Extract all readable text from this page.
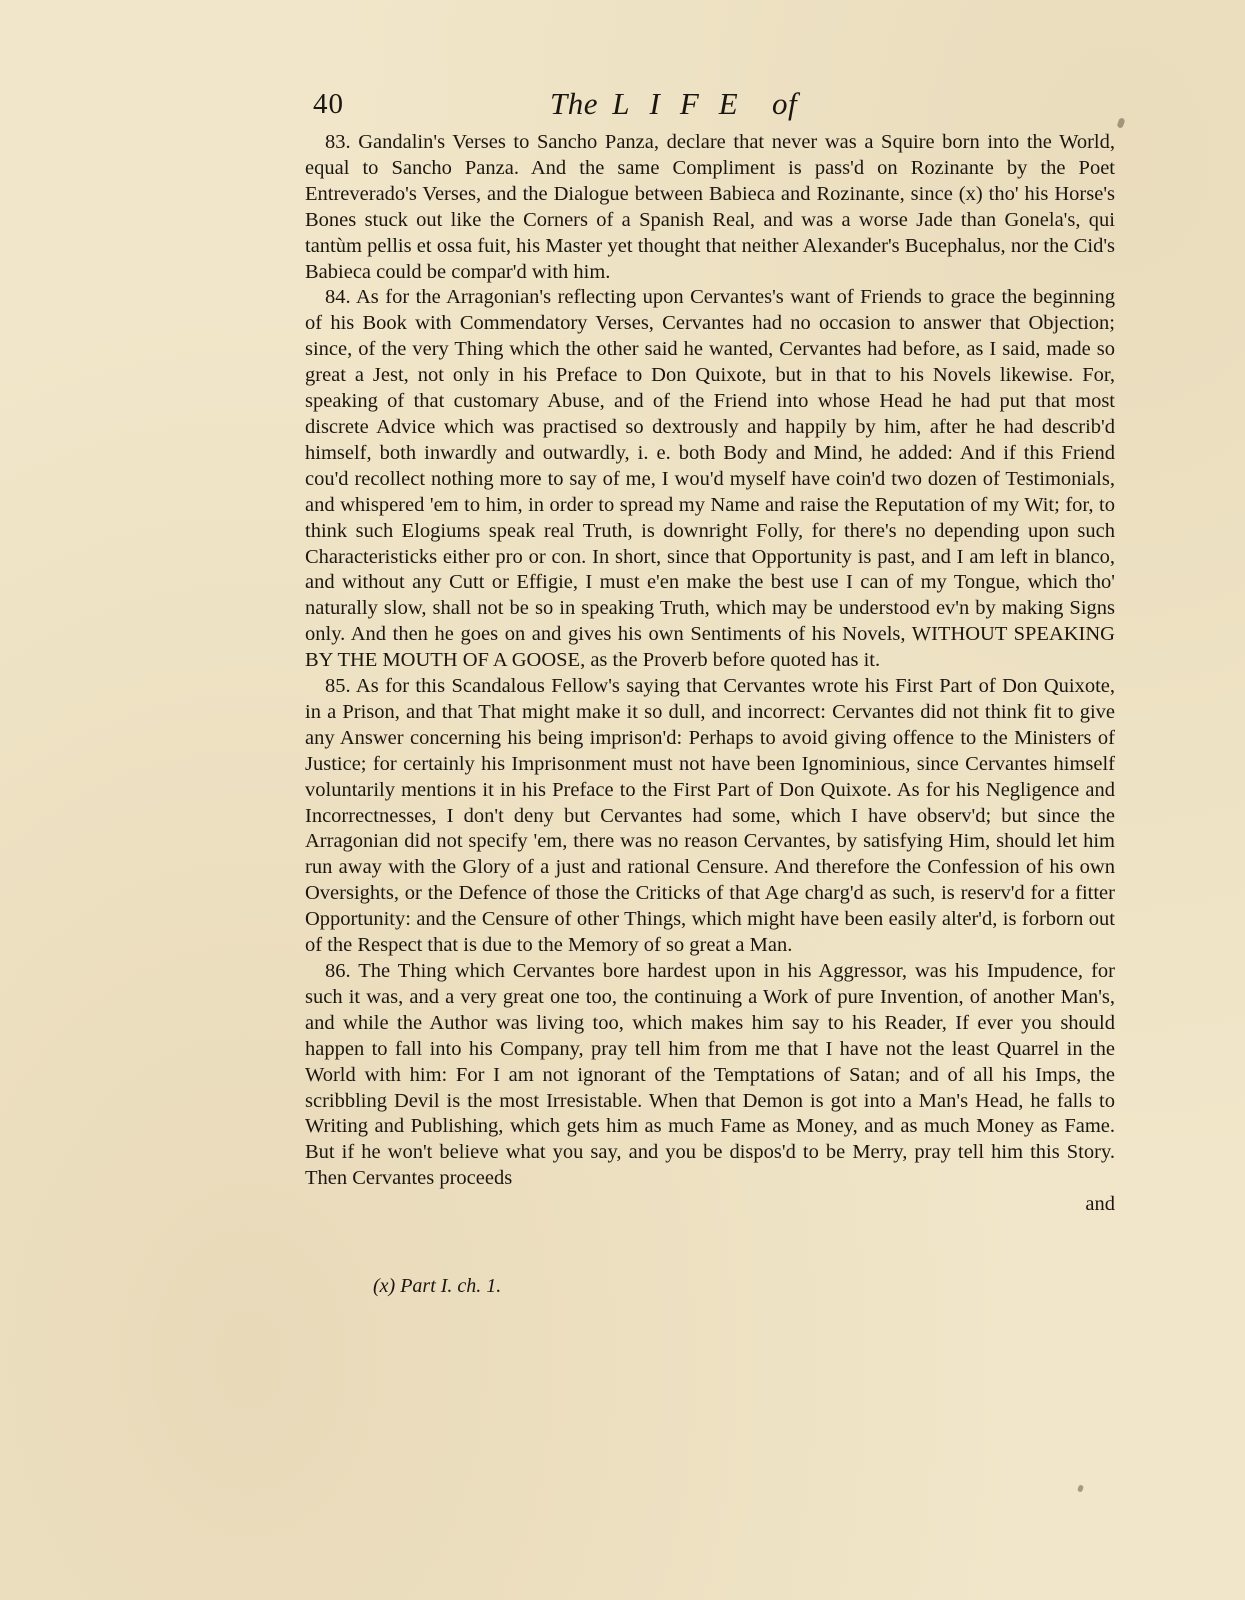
40	The LIFE of

83. Gandalin's Verses to Sancho Panza, declare that never was a Squire born into the World, equal to Sancho Panza. And the same Compliment is pass'd on Rozinante by the Poet Entreverado's Verses, and the Dialogue between Babieca and Rozinante, since (x) tho' his Horse's Bones stuck out like the Corners of a Spanish Real, and was a worse Jade than Gonela's, qui tantùm pellis et ossa fuit, his Master yet thought that neither Alexander's Bucephalus, nor the Cid's Babieca could be compar'd with him.

84. As for the Arragonian's reflecting upon Cervantes's want of Friends to grace the beginning of his Book with Commendatory Verses, Cervantes had no occasion to answer that Objection; since, of the very Thing which the other said he wanted, Cervantes had before, as I said, made so great a Jest, not only in his Preface to Don Quixote, but in that to his Novels likewise. For, speaking of that customary Abuse, and of the Friend into whose Head he had put that most discrete Advice which was practised so dextrously and happily by him, after he had describ'd himself, both inwardly and outwardly, i. e. both Body and Mind, he added: And if this Friend cou'd recollect nothing more to say of me, I wou'd myself have coin'd two dozen of Testimonials, and whispered 'em to him, in order to spread my Name and raise the Reputation of my Wit; for, to think such Elogiums speak real Truth, is downright Folly, for there's no depending upon such Characteristicks either pro or con. In short, since that Opportunity is past, and I am left in blanco, and without any Cutt or Effigie, I must e'en make the best use I can of my Tongue, which tho' naturally slow, shall not be so in speaking Truth, which may be understood ev'n by making Signs only. And then he goes on and gives his own Sentiments of his Novels, WITHOUT SPEAKING BY THE MOUTH OF A GOOSE, as the Proverb before quoted has it.

85. As for this Scandalous Fellow's saying that Cervantes wrote his First Part of Don Quixote, in a Prison, and that That might make it so dull, and incorrect: Cervantes did not think fit to give any Answer concerning his being imprison'd: Perhaps to avoid giving offence to the Ministers of Justice; for certainly his Imprisonment must not have been Ignominious, since Cervantes himself voluntarily mentions it in his Preface to the First Part of Don Quixote. As for his Negligence and Incorrectnesses, I don't deny but Cervantes had some, which I have observ'd; but since the Arragonian did not specify 'em, there was no reason Cervantes, by satisfying Him, should let him run away with the Glory of a just and rational Censure. And therefore the Confession of his own Oversights, or the Defence of those the Criticks of that Age charg'd as such, is reserv'd for a fitter Opportunity: and the Censure of other Things, which might have been easily alter'd, is forborn out of the Respect that is due to the Memory of so great a Man.

86. The Thing which Cervantes bore hardest upon in his Aggressor, was his Impudence, for such it was, and a very great one too, the continuing a Work of pure Invention, of another Man's, and while the Author was living too, which makes him say to his Reader, If ever you should happen to fall into his Company, pray tell him from me that I have not the least Quarrel in the World with him: For I am not ignorant of the Temptations of Satan; and of all his Imps, the scribbling Devil is the most Irresistable. When that Demon is got into a Man's Head, he falls to Writing and Publishing, which gets him as much Fame as Money, and as much Money as Fame. But if he won't believe what you say, and you be dispos'd to be Merry, pray tell him this Story. Then Cervantes proceeds

and
(x) Part I. ch. 1.
